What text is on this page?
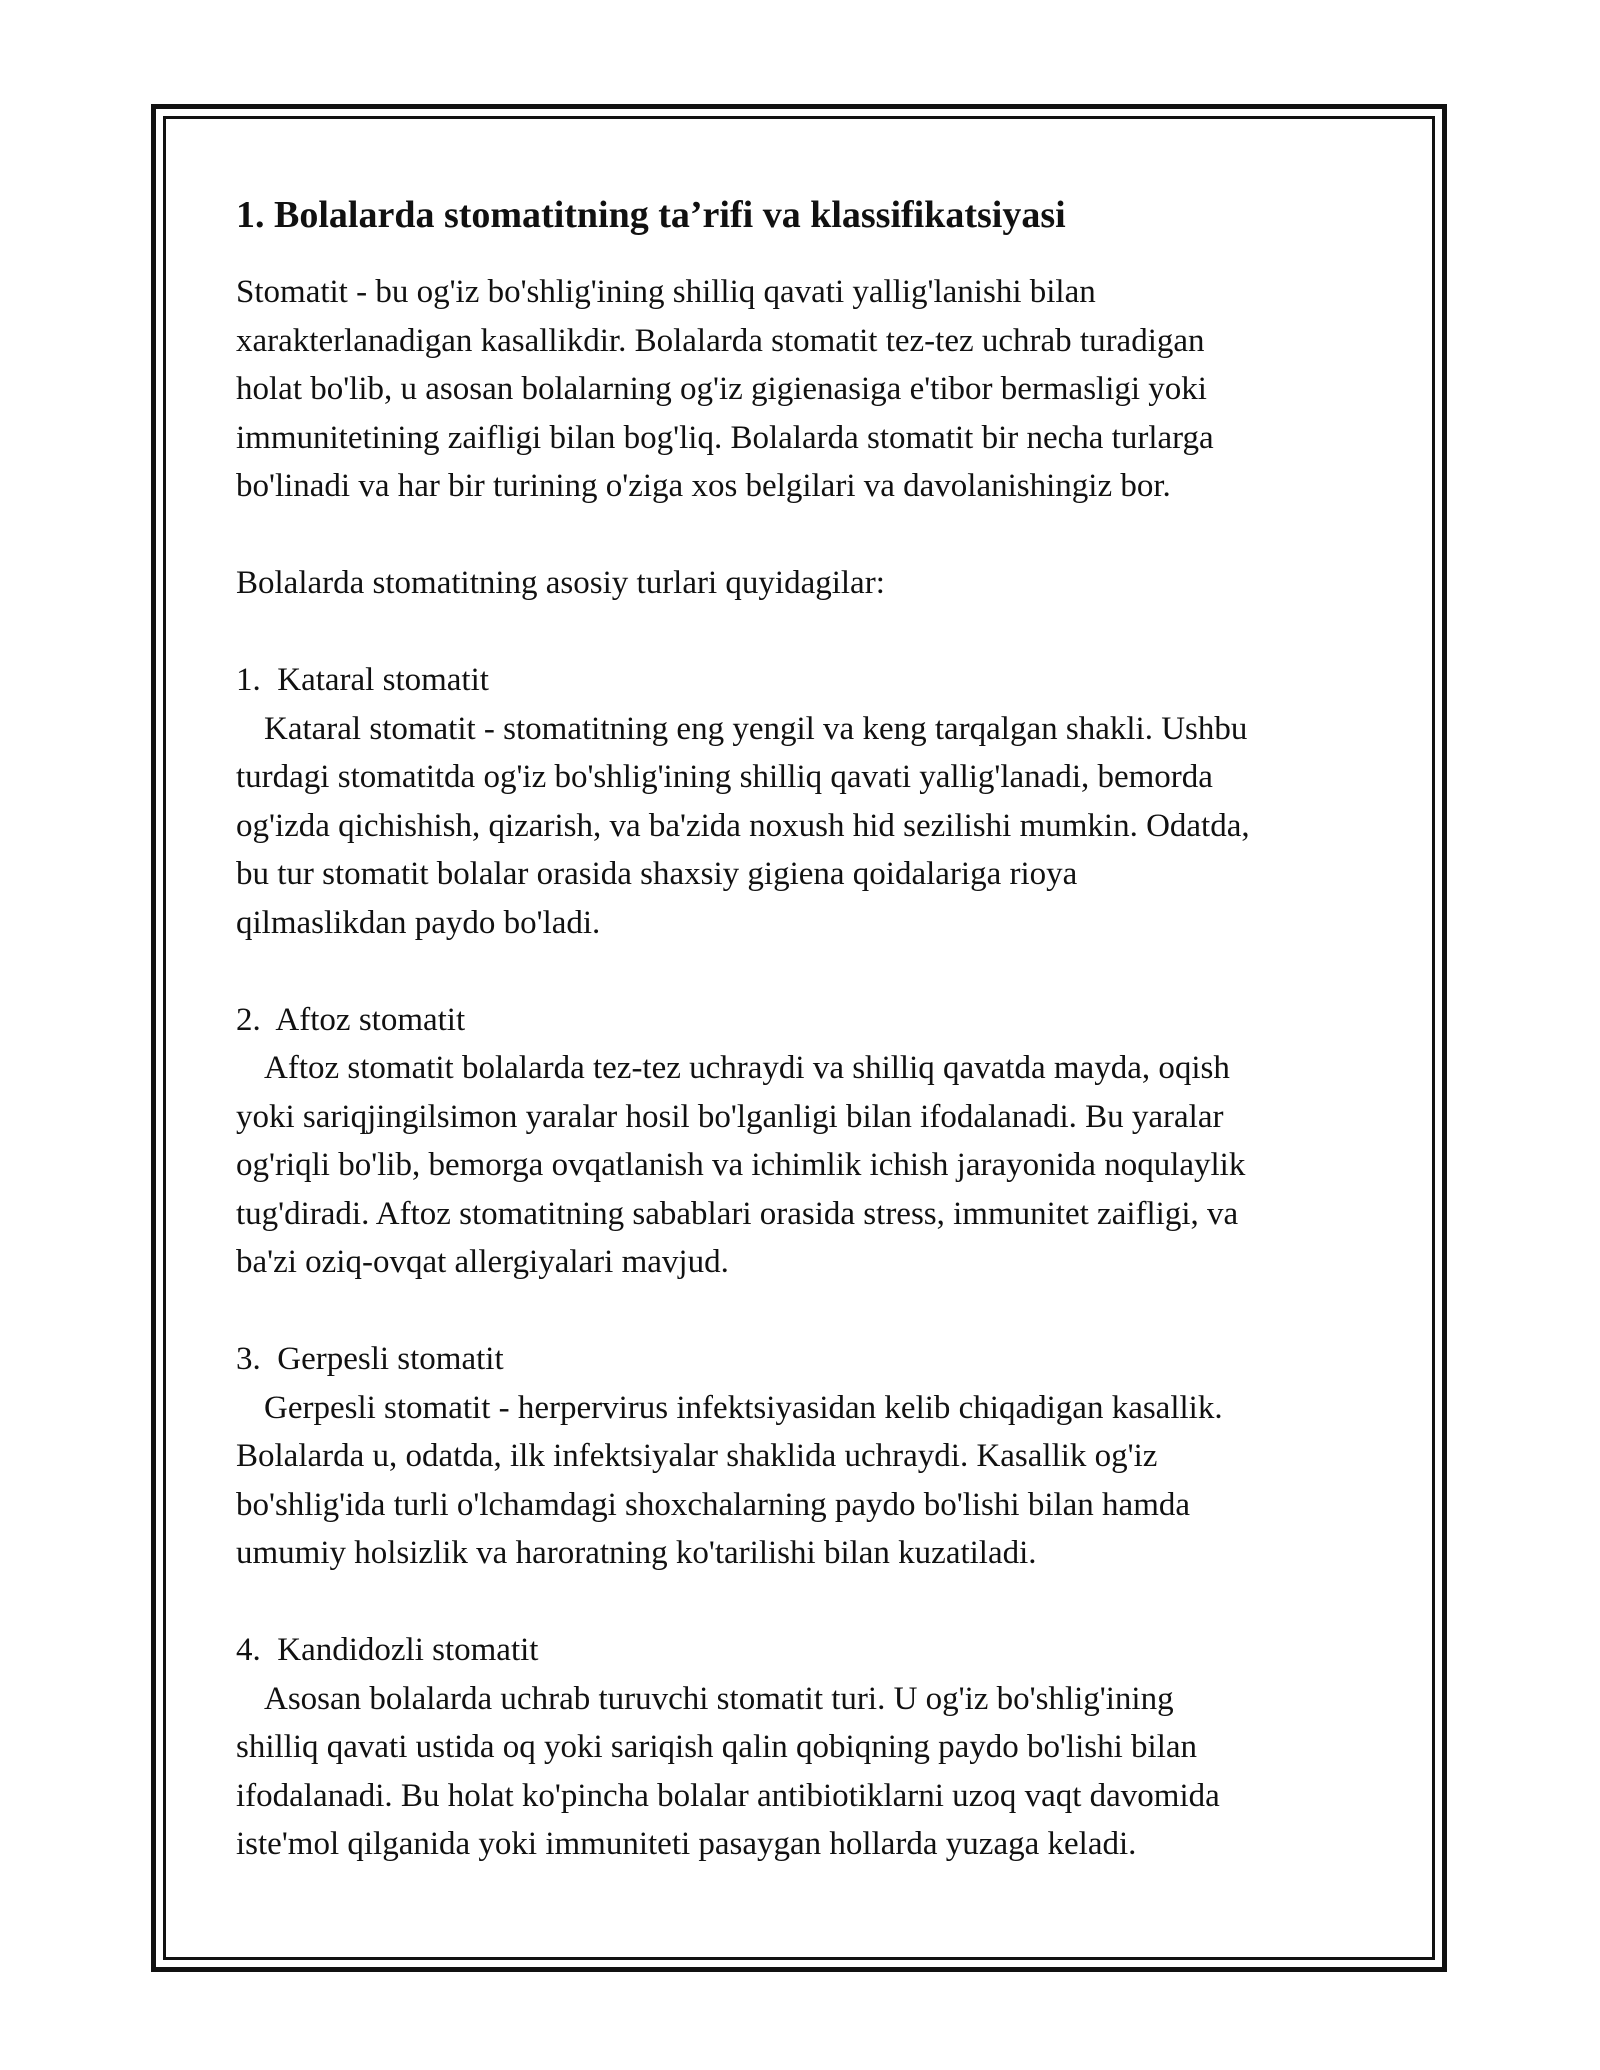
1. Bolalarda stomatitning ta’rifi va klassifikatsiyasi
Stomatit - bu og'iz bo'shlig'ining shilliq qavati yallig'lanishi bilan
xarakterlanadigan kasallikdir. Bolalarda stomatit tez-tez uchrab turadigan
holat bo'lib, u asosan bolalarning og'iz gigienasiga e'tibor bermasligi yoki
immunitetining zaifligi bilan bog'liq. Bolalarda stomatit bir necha turlarga
bo'linadi va har bir turining o'ziga xos belgilari va davolanishingiz bor.
Bolalarda stomatitning asosiy turlari quyidagilar:
1.  Kataral stomatit
Kataral stomatit - stomatitning eng yengil va keng tarqalgan shakli. Ushbu
turdagi stomatitda og'iz bo'shlig'ining shilliq qavati yallig'lanadi, bemorda
og'izda qichishish, qizarish, va ba'zida noxush hid sezilishi mumkin. Odatda,
bu tur stomatit bolalar orasida shaxsiy gigiena qoidalariga rioya
qilmaslikdan paydo bo'ladi.
2.  Aftoz stomatit
Aftoz stomatit bolalarda tez-tez uchraydi va shilliq qavatda mayda, oqish
yoki sariqjingilsimon yaralar hosil bo'lganligi bilan ifodalanadi. Bu yaralar
og'riqli bo'lib, bemorga ovqatlanish va ichimlik ichish jarayonida noqulaylik
tug'diradi. Aftoz stomatitning sabablari orasida stress, immunitet zaifligi, va
ba'zi oziq-ovqat allergiyalari mavjud.
3.  Gerpesli stomatit
Gerpesli stomatit - herpervirus infektsiyasidan kelib chiqadigan kasallik.
Bolalarda u, odatda, ilk infektsiyalar shaklida uchraydi. Kasallik og'iz
bo'shlig'ida turli o'lchamdagi shoxchalarning paydo bo'lishi bilan hamda
umumiy holsizlik va haroratning ko'tarilishi bilan kuzatiladi.
4.  Kandidozli stomatit
Asosan bolalarda uchrab turuvchi stomatit turi. U og'iz bo'shlig'ining
shilliq qavati ustida oq yoki sariqish qalin qobiqning paydo bo'lishi bilan
ifodalanadi. Bu holat ko'pincha bolalar antibiotiklarni uzoq vaqt davomida
iste'mol qilganida yoki immuniteti pasaygan hollarda yuzaga keladi.
